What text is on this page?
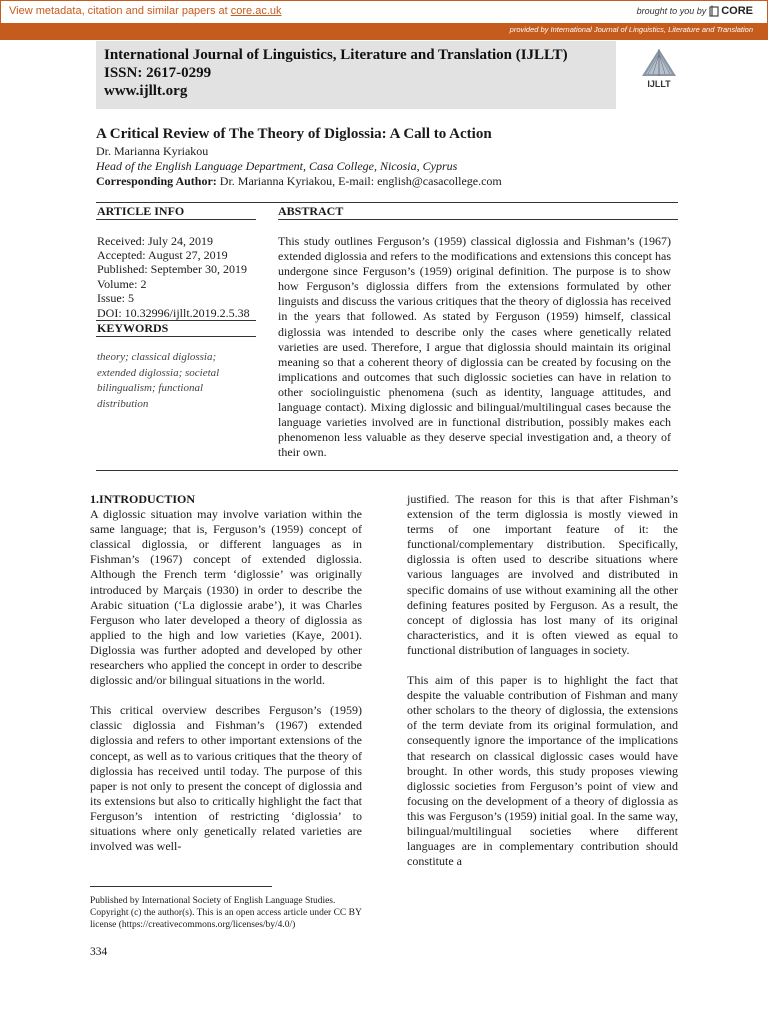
View metadata, citation and similar papers at core.ac.uk	brought to you by CORE
provided by International Journal of Linguistics, Literature and Translation
International Journal of Linguistics, Literature and Translation (IJLLT)
ISSN: 2617-0299
www.ijllt.org	IJLLT
A Critical Review of The Theory of Diglossia: A Call to Action
Dr. Marianna Kyriakou
Head of the English Language Department, Casa College, Nicosia, Cyprus
Corresponding Author: Dr. Marianna Kyriakou, E-mail: english@casacollege.com
ARTICLE INFO	ABSTRACT
Received: July 24, 2019
Accepted: August 27, 2019
Published: September 30, 2019
Volume: 2
Issue: 5
DOI: 10.32996/ijllt.2019.2.5.38
KEYWORDS
theory; classical diglossia; extended diglossia; societal bilingualism; functional distribution
This study outlines Ferguson’s (1959) classical diglossia and Fishman’s (1967) extended diglossia and refers to the modifications and extensions this concept has undergone since Ferguson’s (1959) original definition. The purpose is to show how Ferguson’s diglossia differs from the extensions formulated by other linguists and discuss the various critiques that the theory of diglossia has received in the years that followed. As stated by Ferguson (1959) himself, classical diglossia was intended to describe only the cases where genetically related varieties are used. Therefore, I argue that diglossia should maintain its original meaning so that a coherent theory of diglossia can be created by focusing on the implications and outcomes that such diglossic societies can have in relation to other sociolinguistic phenomena (such as identity, language attitudes, and language contact). Mixing diglossic and bilingual/multilingual cases because the language varieties involved are in functional distribution, possibly makes each phenomenon less valuable as they deserve special investigation and, a theory of their own.
1.INTRODUCTION

A diglossic situation may involve variation within the same language; that is, Ferguson’s (1959) concept of classical diglossia, or different languages as in Fishman’s (1967) concept of extended diglossia. Although the French term ‘diglossie’ was originally introduced by Marçais (1930) in order to describe the Arabic situation (‘La diglossie arabe’), it was Charles Ferguson who later developed a theory of diglossia as applied to the high and low varieties (Kaye, 2001). Diglossia was further adopted and developed by other researchers who applied the concept in order to describe diglossic and/or bilingual situations in the world.

This critical overview describes Ferguson’s (1959) classic diglossia and Fishman’s (1967) extended diglossia and refers to other important extensions of the concept, as well as to various critiques that the theory of diglossia has received until today. The purpose of this paper is not only to present the concept of diglossia and its extensions but also to critically highlight the fact that Ferguson’s intention of restricting ‘diglossia’ to situations where only genetically related varieties are involved was well-

justified. The reason for this is that after Fishman’s extension of the term diglossia is mostly viewed in terms of one important feature of it: the functional/complementary distribution. Specifically, diglossia is often used to describe situations where various languages are involved and distributed in specific domains of use without examining all the other defining features posited by Ferguson. As a result, the concept of diglossia has lost many of its original characteristics, and it is often viewed as equal to functional distribution of languages in society.

This aim of this paper is to highlight the fact that despite the valuable contribution of Fishman and many other scholars to the theory of diglossia, the extensions of the term deviate from its original formulation, and consequently ignore the importance of the implications that research on classical diglossic cases would have brought. In other words, this study proposes viewing diglossic societies from Ferguson’s point of view and focusing on the development of a theory of diglossia as this was Ferguson’s (1959) initial goal. In the same way, bilingual/multilingual societies where different languages are in complementary contribution should constitute a

Published by International Society of English Language Studies. Copyright (c) the author(s). This is an open access article under CC BY license (https://creativecommons.org/licenses/by/4.0/)
334
